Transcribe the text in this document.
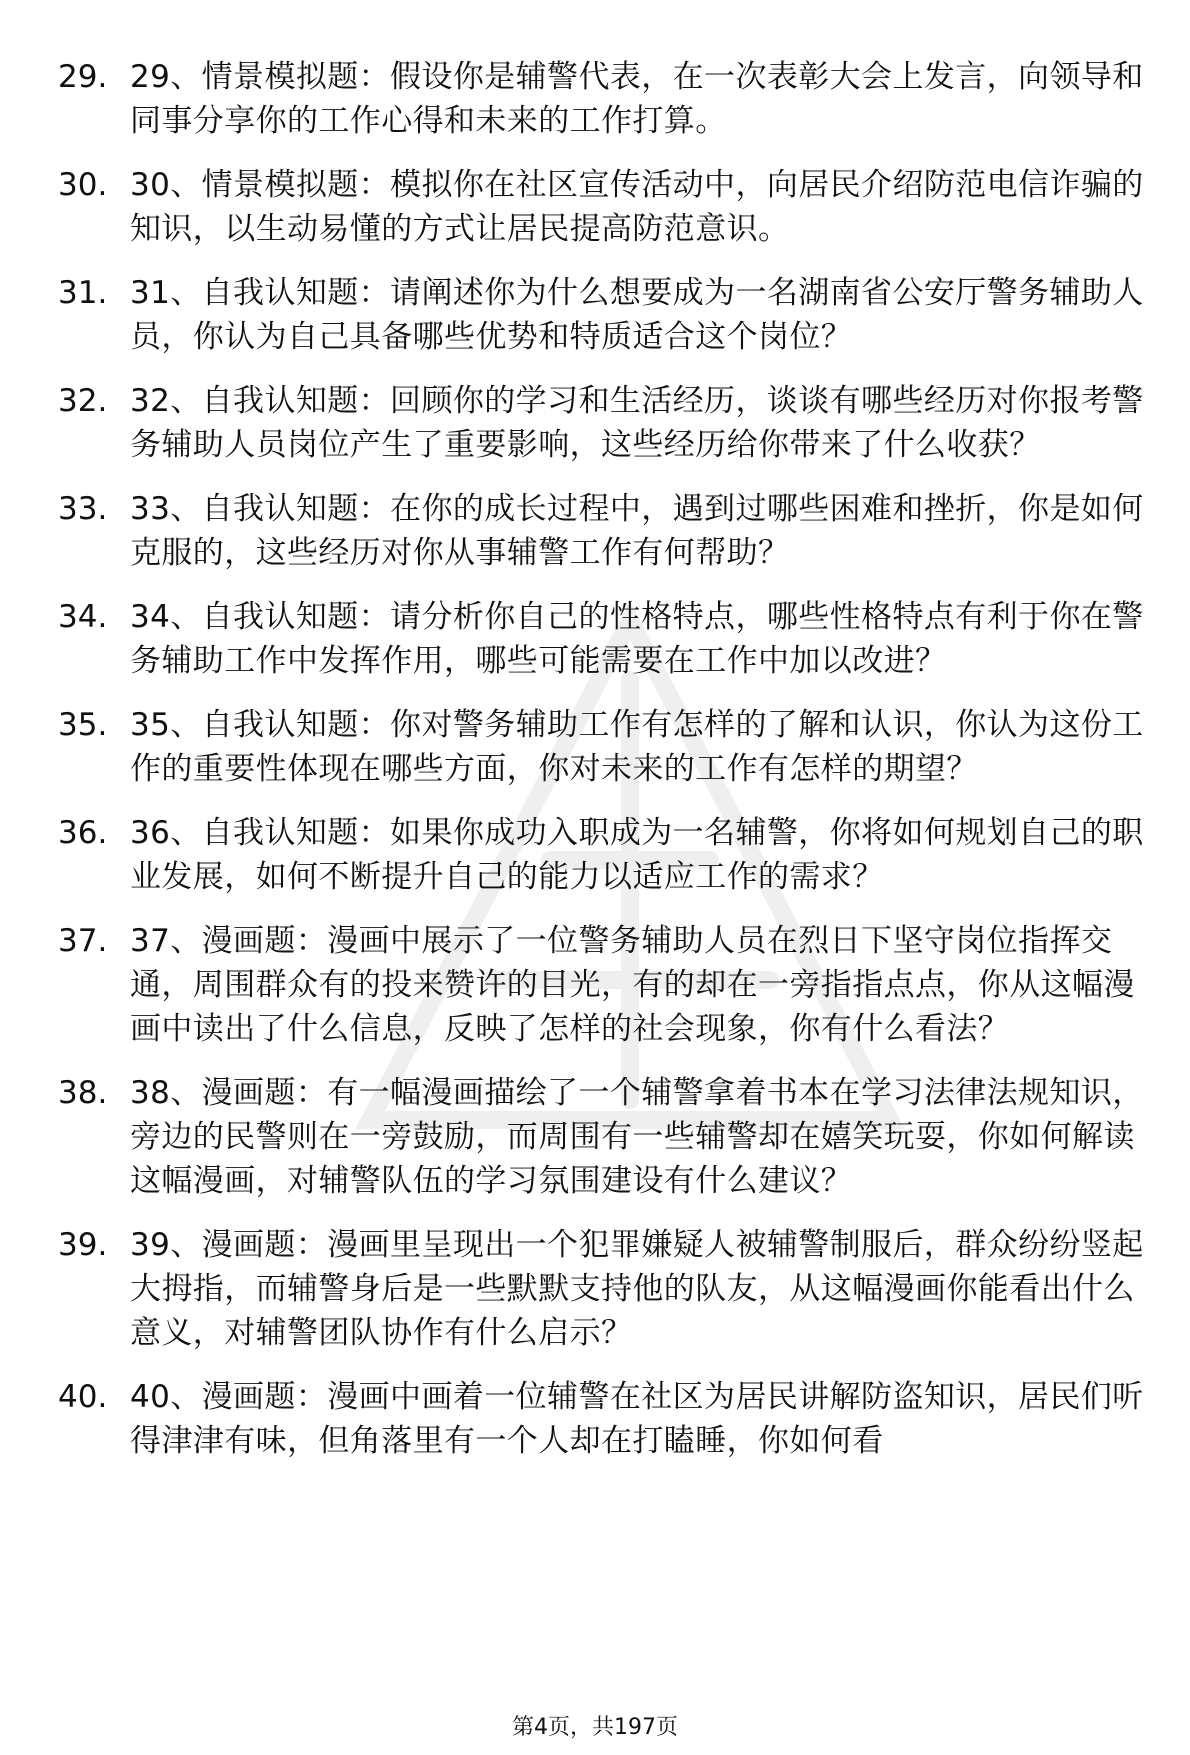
29. 29、情景模拟题：假设你是辅警代表，在一次表彰大会上发言，向领导和同事分享你的工作心得和未来的工作打算。
30. 30、情景模拟题：模拟你在社区宣传活动中，向居民介绍防范电信诈骗的知识，以生动易懂的方式让居民提高防范意识。
31. 31、自我认知题：请阐述你为什么想要成为一名湖南省公安厅警务辅助人员，你认为自己具备哪些优势和特质适合这个岗位？
32. 32、自我认知题：回顾你的学习和生活经历，谈谈有哪些经历对你报考警务辅助人员岗位产生了重要影响，这些经历给你带来了什么收获？
33. 33、自我认知题：在你的成长过程中，遇到过哪些困难和挫折，你是如何克服的，这些经历对你从事辅警工作有何帮助？
34. 34、自我认知题：请分析你自己的性格特点，哪些性格特点有利于你在警务辅助工作中发挥作用，哪些可能需要在工作中加以改进？
35. 35、自我认知题：你对警务辅助工作有怎样的了解和认识，你认为这份工作的重要性体现在哪些方面，你对未来的工作有怎样的期望？
36. 36、自我认知题：如果你成功入职成为一名辅警，你将如何规划自己的职业发展，如何不断提升自己的能力以适应工作的需求？
37. 37、漫画题：漫画中展示了一位警务辅助人员在烈日下坚守岗位指挥交通，周围群众有的投来赞许的目光，有的却在一旁指指点点，你从这幅漫画中读出了什么信息，反映了怎样的社会现象，你有什么看法？
38. 38、漫画题：有一幅漫画描绘了一个辅警拿着书本在学习法律法规知识，旁边的民警则在一旁鼓励，而周围有一些辅警却在嬉笑玩耍，你如何解读这幅漫画，对辅警队伍的学习氛围建设有什么建议？
39. 39、漫画题：漫画里呈现出一个犯罪嫌疑人被辅警制服后，群众纷纷竖起大拇指，而辅警身后是一些默默支持他的队友，从这幅漫画你能看出什么意义，对辅警团队协作有什么启示？
40. 40、漫画题：漫画中画着一位辅警在社区为居民讲解防盗知识，居民们听得津津有味，但角落里有一个人却在打瞌睡，你如何看
第4页，共197页
